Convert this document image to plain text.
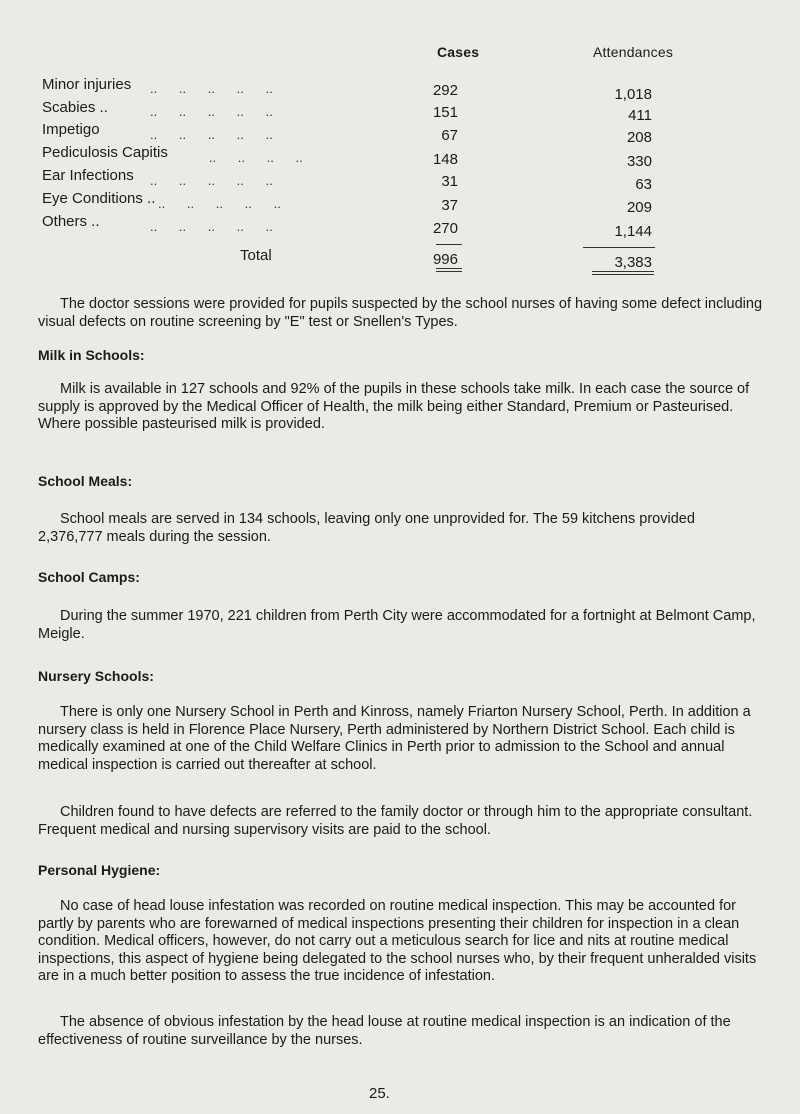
Cases	Attendances
Minor injuries ..      ..      ..      ..      ..	292	1,018
Scabies ..	..      ..      ..      ..      ..	151	411
Impetigo	..      ..      ..      ..      ..	67	208
Pediculosis Capitis ..      ..      ..      ..	148	330
Ear Infections ..      ..      ..      ..      ..	31	63
Eye Conditions .. ..      ..      ..      ..      ..	37	209
Others ..	..      ..      ..      ..      ..	270	1,144
Total	996	3,383

The doctor sessions were provided for pupils suspected by the school nurses of having some defect including visual defects on routine screening by "E" test or Snellen's Types.

Milk in Schools:

Milk is available in 127 schools and 92% of the pupils in these schools take milk. In each case the source of supply is approved by the Medical Officer of Health, the milk being either Standard, Premium or Pasteurised. Where possible pasteurised milk is provided.

School Meals:

School meals are served in 134 schools, leaving only one unprovided for. The 59 kitchens provided 2,376,777 meals during the session.

School Camps:

During the summer 1970, 221 children from Perth City were accommodated for a fortnight at Belmont Camp, Meigle.

Nursery Schools:

There is only one Nursery School in Perth and Kinross, namely Friarton Nursery School, Perth. In addition a nursery class is held in Florence Place Nursery, Perth administered by Northern District School. Each child is medically examined at one of the Child Welfare Clinics in Perth prior to admission to the School and annual medical inspection is carried out thereafter at school.

Children found to have defects are referred to the family doctor or through him to the appropriate consultant. Frequent medical and nursing supervisory visits are paid to the school.

Personal Hygiene:

No case of head louse infestation was recorded on routine medical inspection. This may be accounted for partly by parents who are forewarned of medical inspections presenting their children for inspection in a clean condition. Medical officers, however, do not carry out a meticulous search for lice and nits at routine medical inspections, this aspect of hygiene being delegated to the school nurses who, by their frequent unheralded visits are in a much better position to assess the true incidence of infestation.

The absence of obvious infestation by the head louse at routine medical inspection is an indication of the effectiveness of routine surveillance by the nurses.

25.
